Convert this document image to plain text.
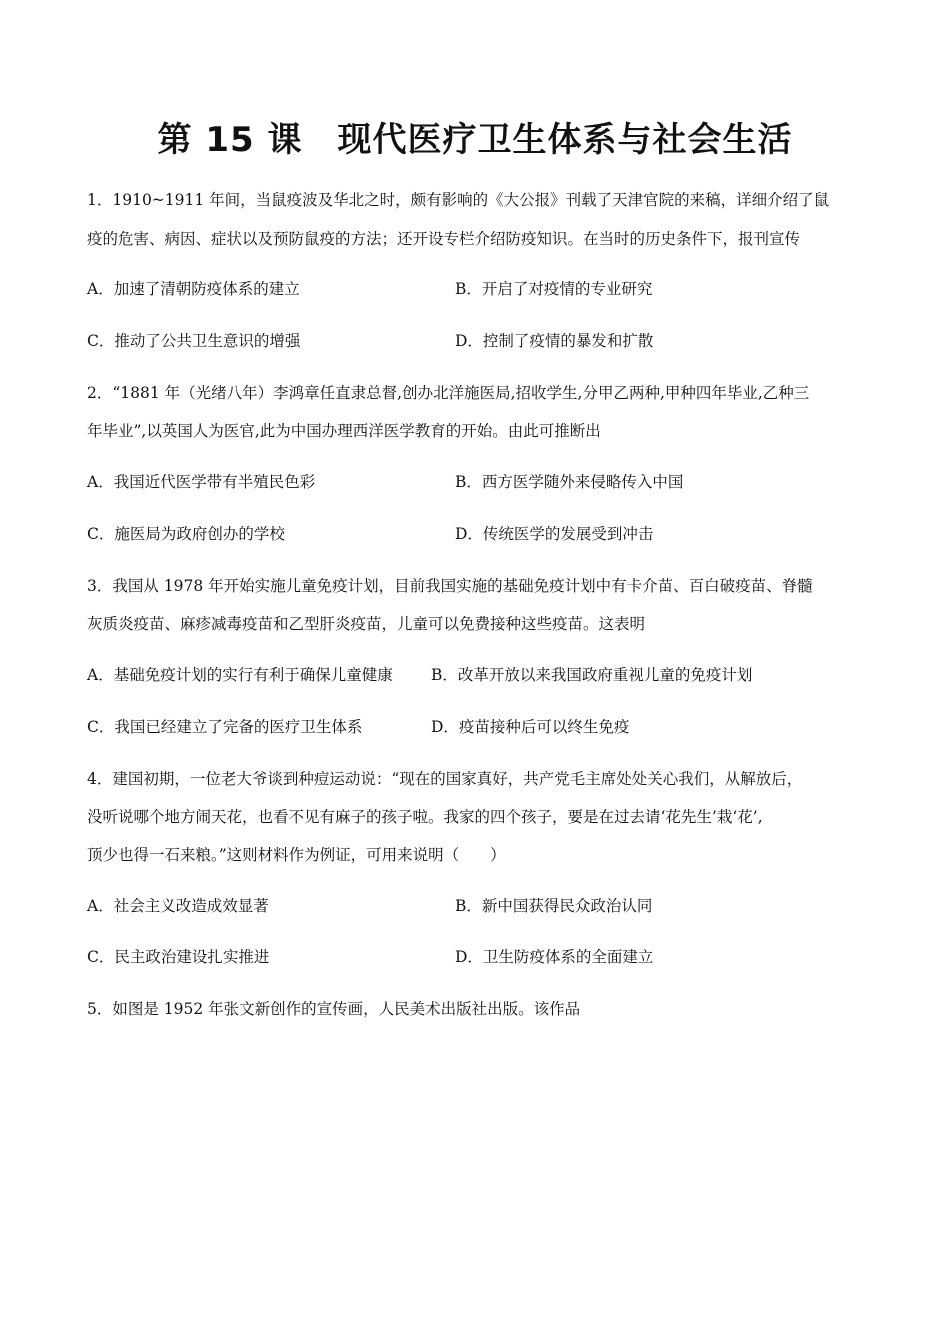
第 15 课　现代医疗卫生体系与社会生活
1．1910~1911 年间，当鼠疫波及华北之时，颇有影响的《大公报》刊载了天津官院的来稿，详细介绍了鼠
疫的危害、病因、症状以及预防鼠疫的方法；还开设专栏介绍防疫知识。在当时的历史条件下，报刊宣传
A．加速了清朝防疫体系的建立	B．开启了对疫情的专业研究
C．推动了公共卫生意识的增强	D．控制了疫情的暴发和扩散
2．“1881 年（光绪八年）李鸿章任直隶总督,创办北洋施医局,招收学生,分甲乙两种,甲种四年毕业,乙种三
年毕业”,以英国人为医官,此为中国办理西洋医学教育的开始。由此可推断出
A．我国近代医学带有半殖民色彩	B．西方医学随外来侵略传入中国
C．施医局为政府创办的学校	D．传统医学的发展受到冲击
3．我国从 1978 年开始实施儿童免疫计划，目前我国实施的基础免疫计划中有卡介苗、百白破疫苗、脊髓
灰质炎疫苗、麻疹减毒疫苗和乙型肝炎疫苗，儿童可以免费接种这些疫苗。这表明
A．基础免疫计划的实行有利于确保儿童健康 B．改革开放以来我国政府重视儿童的免疫计划
C．我国已经建立了完备的医疗卫生体系	D．疫苗接种后可以终生免疫
4．建国初期，一位老大爷谈到种痘运动说：“现在的国家真好，共产党毛主席处处关心我们，从解放后，
没听说哪个地方闹天花，也看不见有麻子的孩子啦。我家的四个孩子，要是在过去请‘花先生’栽‘花’,
顶少也得一石来粮。”这则材料作为例证，可用来说明（　　）
A．社会主义改造成效显著	B．新中国获得民众政治认同
C．民主政治建设扎实推进	D．卫生防疫体系的全面建立
5．如图是 1952 年张文新创作的宣传画，人民美术出版社出版。该作品
